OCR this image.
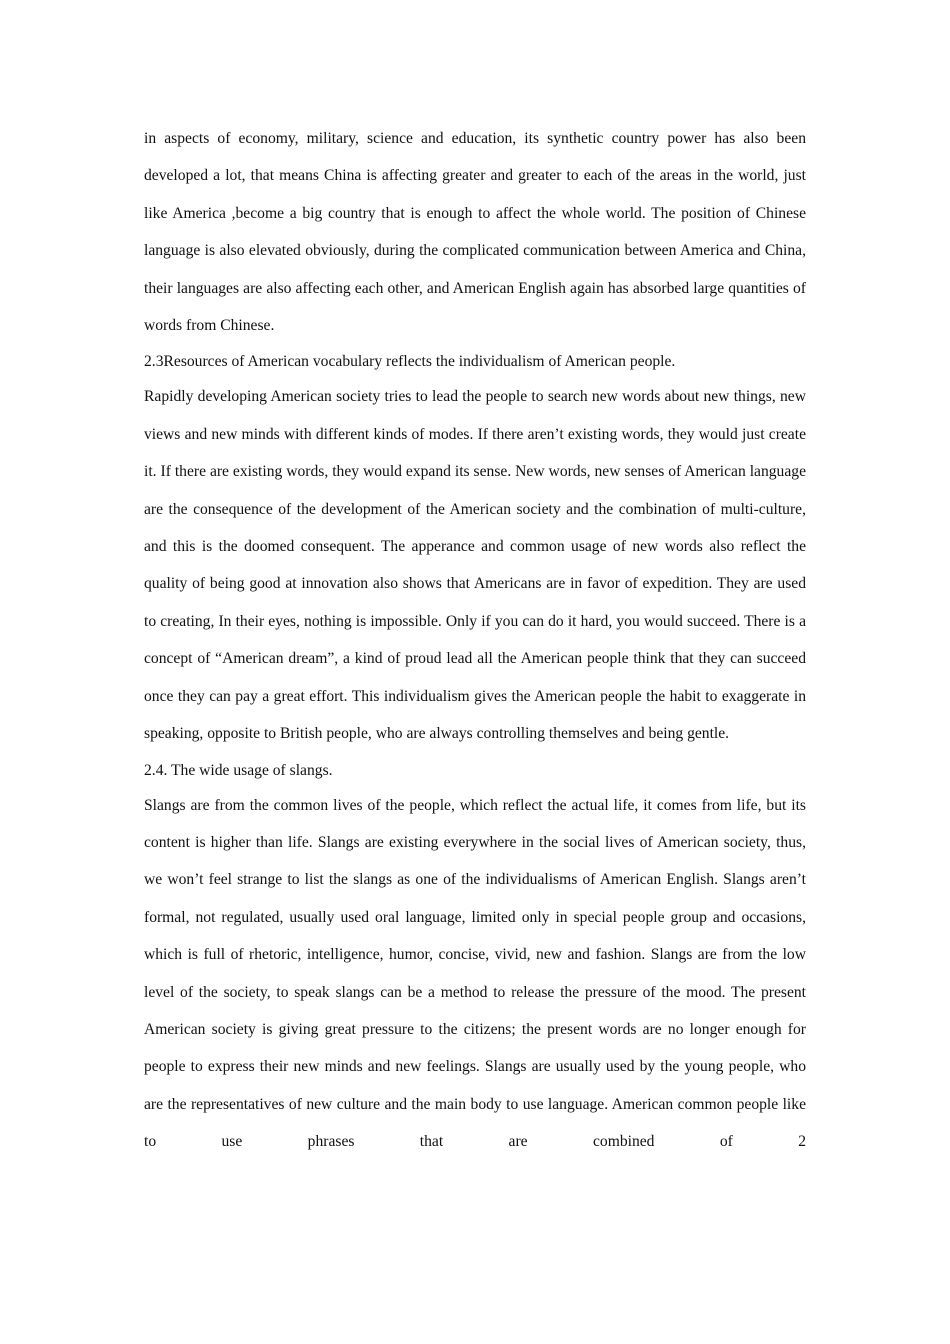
in aspects of economy, military, science and education, its synthetic country power has also been developed a lot, that means China is affecting greater and greater to each of the areas in the world, just like America ,become a big country that is enough to affect the whole world. The position of Chinese language is also elevated obviously, during the complicated communication between America and China, their languages are also affecting each other, and American English again has absorbed large quantities of words from Chinese.

2.3Resources of American vocabulary reflects the individualism of American people.

Rapidly developing American society tries to lead the people to search new words about new things, new views and new minds with different kinds of modes. If there aren’t existing words, they would just create it. If there are existing words, they would expand its sense. New words, new senses of American language are the consequence of the development of the American society and the combination of multi-culture, and this is the doomed consequent. The apperance and common usage of new words also reflect the quality of being good at innovation also shows that Americans are in favor of expedition. They are used to creating, In their eyes, nothing is impossible. Only if you can do it hard, you would succeed. There is a concept of “American dream”, a kind of proud lead all the American people think that they can succeed once they can pay a great effort. This individualism gives the American people the habit to exaggerate in speaking, opposite to British people, who are always controlling themselves and being gentle.

2.4. The wide usage of slangs.

Slangs are from the common lives of the people, which reflect the actual life, it comes from life, but its content is higher than life. Slangs are existing everywhere in the social lives of American society, thus, we won’t feel strange to list the slangs as one of the individualisms of American English. Slangs aren’t formal, not regulated, usually used oral language, limited only in special people group and occasions, which is full of rhetoric, intelligence, humor, concise, vivid, new and fashion. Slangs are from the low level of the society, to speak slangs can be a method to release the pressure of the mood. The present American society is giving great pressure to the citizens; the present words are no longer enough for people to express their new minds and new feelings. Slangs are usually used by the young people, who are the representatives of new culture and the main body to use language. American common people like to use phrases that are combined of 2
